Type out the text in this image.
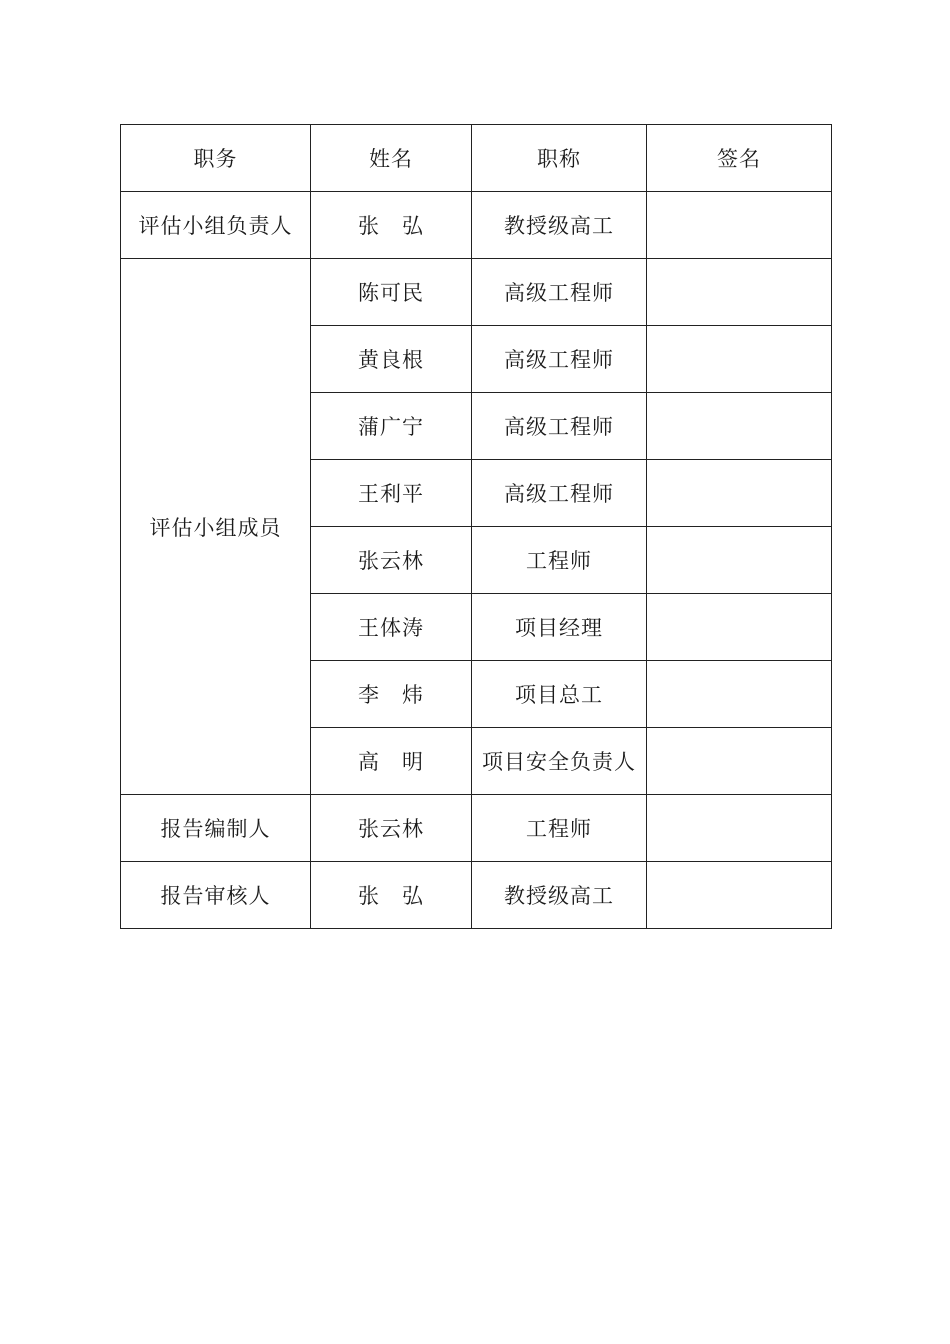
职务	姓名	职称	签名
评估小组负责人	张　弘	教授级高工	
评估小组成员	陈可民	高级工程师	
	黄良根	高级工程师	
	蒲广宁	高级工程师	
	王利平	高级工程师	
	张云林	工程师	
	王体涛	项目经理	
	李　炜	项目总工	
	高　明	项目安全负责人	
报告编制人	张云林	工程师	
报告审核人	张　弘	教授级高工	
